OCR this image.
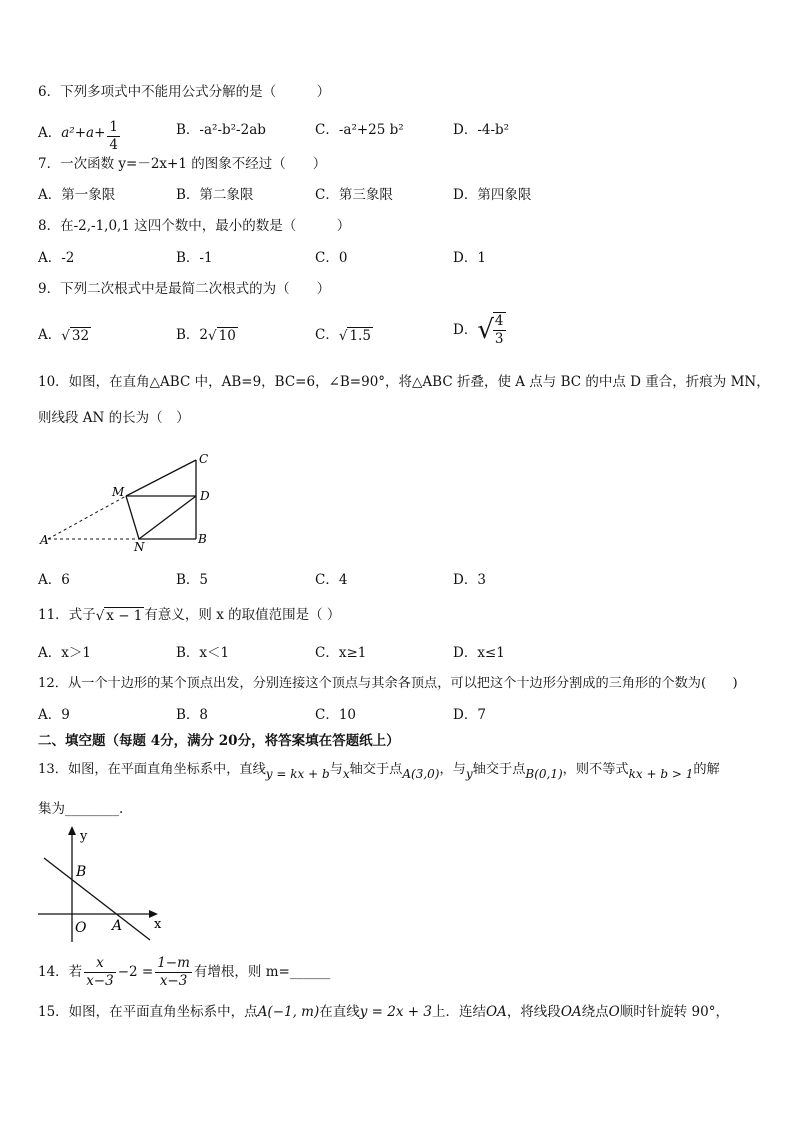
6．下列多项式中不能用公式分解的是（　　　）
A．$a^2+a+ \frac{1}{4}$	B．-a²-b²-2ab	C．-a²+25 b²	D．-4-b²
7．一次函数 y=－2x+1 的图象不经过（　　）
A．第一象限	B．第二象限	C．第三象限	D．第四象限
8．在-2,-1,0,1 这四个数中，最小的数是（　　　）
A．-2	B．-1	C．0	D．1
9．下列二次根式中是最简二次根式的为（　　）
A．√ 32	B．2√ 10	C．√ 1.5	D．√ $\frac{4}{3}$
10．如图，在直角△ABC 中，AB=9，BC=6，∠B=90°，将△ABC 折叠，使 A 点与 BC 的中点 D 重合，折痕为 MN，
则线段 AN 的长为（　）
C
M	D
A	N
B
A．6	B．5	C．4	D．3
11．式子√ x − 1 有意义，则 x 的取值范围是（ ）
A．x＞1	B．x＜1	C．x≥1	D．x≤1
12．从一个十边形的某个顶点出发，分别连接这个顶点与其余各顶点，可以把这个十边形分割成的三角形的个数为(　　)
A．9	B．8	C．10	D．7
二、填空题（每题 4分，满分 20分，将答案填在答题纸上）
13．如图，在平面直角坐标系中，直线y = kx + b与x轴交于点A(3,0)，与y轴交于点B(0,1)，则不等式kx + b > 1的解
集为________.
y
x
B
O A
14．若 $\frac{x}{x-3} -2 = \frac{1-m}{x-3}$ 有增根，则 m=______
15．如图，在平面直角坐标系中，点A(−1, m)在直线y = 2x + 3上．连结OA，将线段OA绕点O顺时针旋转 90°，
